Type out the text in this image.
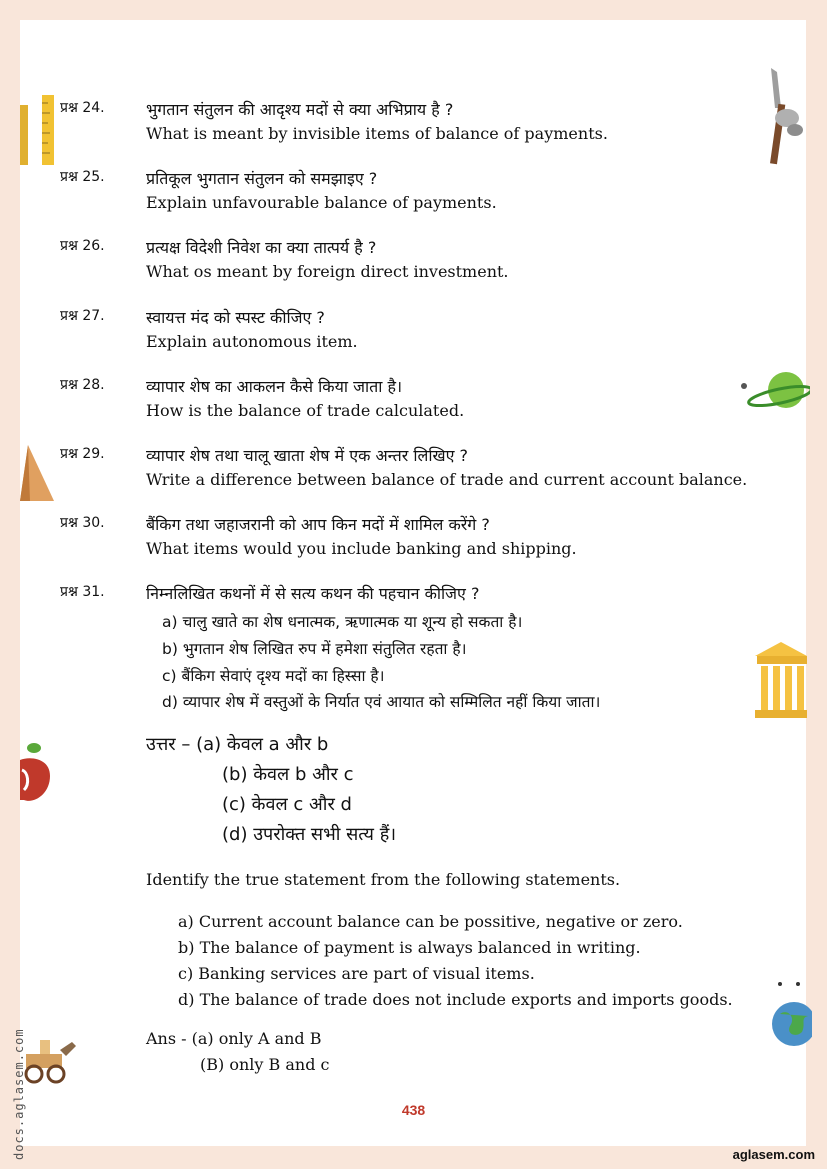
प्रश्न 24.	भुगतान संतुलन की आदृश्य मदों से क्या अभिप्राय है ?
What is meant by invisible items of balance of payments.
प्रश्न 25.	प्रतिकूल भुगतान संतुलन को समझाइए ?
Explain unfavourable balance of payments.
प्रश्न 26.	प्रत्यक्ष विदेशी निवेश का क्या तात्पर्य है ?
What os meant by foreign direct investment.
प्रश्न 27.	स्वायत्त मंद को स्पस्ट कीजिए ?
Explain autonomous item.
प्रश्न 28.	व्यापार शेष का आकलन कैसे किया जाता है।
How is the balance of trade calculated.
प्रश्न 29.	व्यापार शेष तथा चालू खाता शेष में एक अन्तर लिखिए ?
Write a difference between balance of trade and current account balance.
प्रश्न 30.	बैंकिग तथा जहाजरानी को आप किन मदों में शामिल करेंगे ?
What items would you include banking and shipping.
प्रश्न 31.	निम्नलिखित कथनों में से सत्य कथन की पहचान कीजिए ?
a) चालु खाते का शेष धनात्मक, ऋणात्मक या शून्य हो सकता है।
b) भुगतान शेष लिखित रुप में हमेशा संतुलित रहता है।
c) बैंकिग सेवाएं दृश्य मदों का हिस्सा है।
d) व्यापार शेष में वस्तुओं के निर्यात एवं आयात को सम्मिलित नहीं किया जाता।
उत्तर – (a) केवल a और b
(b) केवल b और c
(c) केवल c और d
(d) उपरोक्त सभी सत्य हैं।
Identify the true statement from the following statements.
a) Current account balance can be possitive, negative or zero.
b) The balance of payment is always balanced in writing.
c) Banking services are part of visual items.
d) The balance of trade does not include exports and imports goods.
Ans - (a) only A and B
(B) only B and c
438
aglasem.com
docs.aglasem.com
